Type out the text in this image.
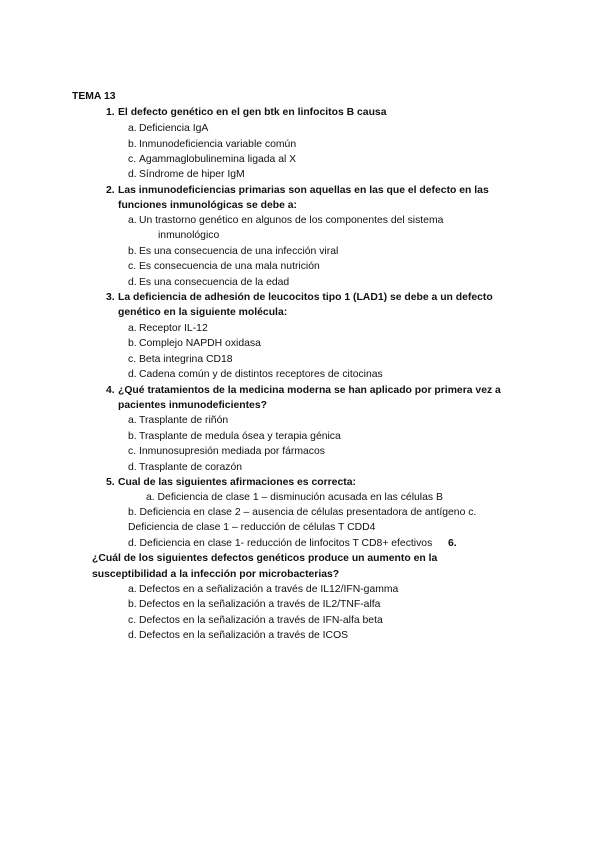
TEMA 13
1. El defecto genético en el gen btk en linfocitos B causa
a. Deficiencia IgA
b. Inmunodeficiencia variable común
c. Agammaglobulinemina ligada al X
d. Síndrome de hiper IgM
2. Las inmunodeficiencias primarias son aquellas en las que el defecto en las
funciones inmunológicas se debe a:
a. Un trastorno genético en algunos de los componentes del sistema
inmunológico
b. Es una consecuencia de una infección viral
c. Es consecuencia de una mala nutrición
d. Es una consecuencia de la edad
3. La deficiencia de adhesión de leucocitos tipo 1 (LAD1) se debe a un defecto
genético en la siguiente molécula:
a. Receptor IL-12
b. Complejo NAPDH oxidasa
c. Beta integrina CD18
d. Cadena común y de distintos receptores de citocinas
4. ¿Qué tratamientos de la medicina moderna se han aplicado por primera vez a
pacientes inmunodeficientes?
a. Trasplante de riñón
b. Trasplante de medula ósea y terapia génica
c. Inmunosupresión mediada por fármacos
d. Trasplante de corazón
5. Cual de las siguientes afirmaciones es correcta:
a. Deficiencia de clase 1 – disminución acusada en las células B
b. Deficiencia en clase 2 – ausencia de células presentadora de antígeno c.
Deficiencia de clase 1 – reducción de células T CDD4
d. Deficiencia en clase 1- reducción de linfocitos T CD8+ efectivos 6.
¿Cuál de los siguientes defectos genéticos produce un aumento en la
susceptibilidad a la infección por microbacterias?
a. Defectos en a señalización a través de IL12/IFN-gamma
b. Defectos en la señalización a través de IL2/TNF-alfa
c. Defectos en la señalización a través de IFN-alfa beta
d. Defectos en la señalización a través de ICOS
